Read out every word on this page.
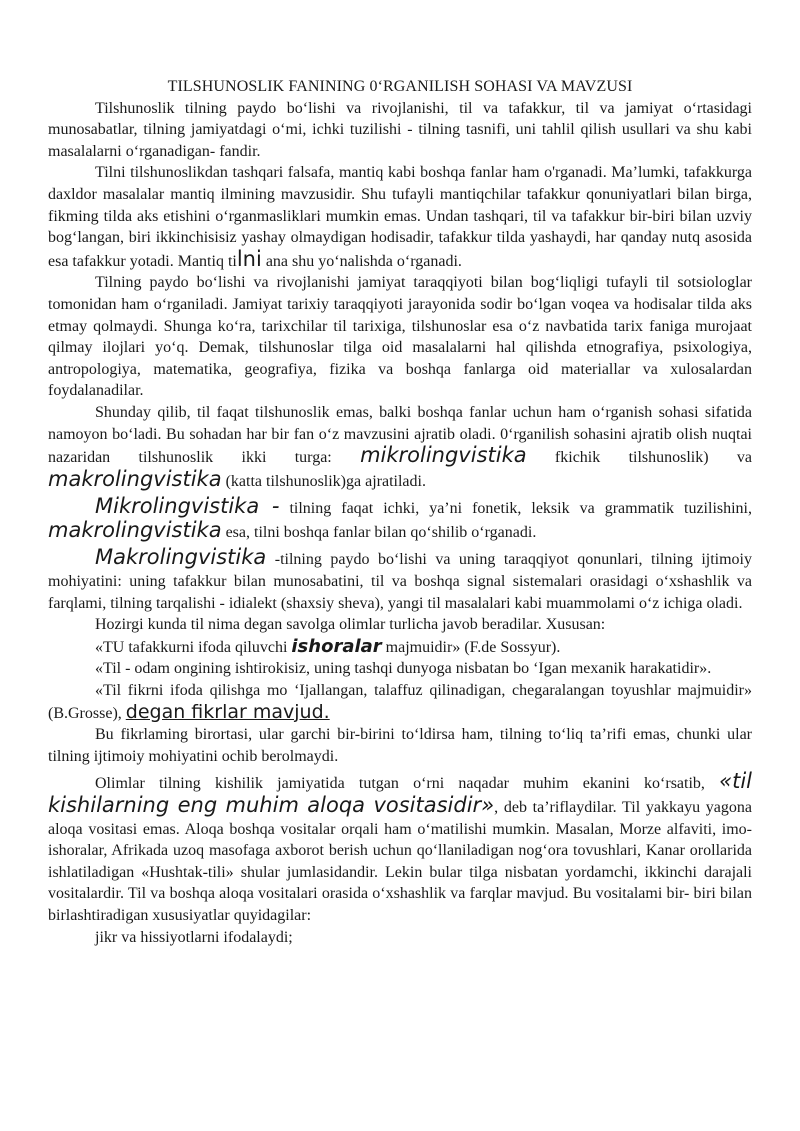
TILSHUNOSLIK FANINING 0‘RGANILISH SOHASI VA MAVZUSI

Tilshunoslik tilning paydo bo‘lishi va rivojlanishi, til va tafakkur, til va jamiyat o‘rtasidagi munosabatlar, tilning jamiyatdagi o‘mi, ichki tuzilishi - tilning tasnifi, uni tahlil qilish usullari va shu kabi masalalarni o‘rganadigan- fandir.

Tilni tilshunoslikdan tashqari falsafa, mantiq kabi boshqa fanlar ham o'rganadi. Ma’lumki, tafakkurga daxldor masalalar mantiq ilmining mavzusidir. Shu tufayli mantiqchilar tafakkur qonuniyatlari bilan birga, fikming tilda aks etishini o‘rganmasliklari mumkin emas. Undan tashqari, til va tafakkur bir-biri bilan uzviy bog‘langan, biri ikkinchisisiz yashay olmaydigan hodisadir, tafakkur tilda yashaydi, har qanday nutq asosida esa tafakkur yotadi. Mantiq tilni ana shu yo‘nalishda o‘rganadi.

Tilning paydo bo‘lishi va rivojlanishi jamiyat taraqqiyoti bilan bog‘liqligi tufayli til sotsiologlar tomonidan ham o‘rganiladi. Jamiyat tarixiy taraqqiyoti jarayonida sodir bo‘lgan voqea va hodisalar tilda aks etmay qolmaydi. Shunga ko‘ra, tarixchilar til tarixiga, tilshunoslar esa o‘z navbatida tarix faniga murojaat qilmay ilojlari yo‘q. Demak, tilshunoslar tilga oid masalalarni hal qilishda etnografiya, psixologiya, antropologiya, matematika, geografiya, fizika va boshqa fanlarga oid materiallar va xulosalardan foydalanadilar.

Shunday qilib, til faqat tilshunoslik emas, balki boshqa fanlar uchun ham o‘rganish sohasi sifatida namoyon bo‘ladi. Bu sohadan har bir fan o‘z mavzusini ajratib oladi. 0‘rganilish sohasini ajratib olish nuqtai nazaridan tilshunoslik ikki turga: mikrolingvistika fkichik tilshunoslik) va makrolingvistika (katta tilshunoslik)ga ajratiladi.

Mikrolingvistika - tilning faqat ichki, ya’ni fonetik, leksik va grammatik tuzilishini, makrolingvistika esa, tilni boshqa fanlar bilan qo‘shilib o‘rganadi.

Makrolingvistika -tilning paydo bo‘lishi va uning taraqqiyot qonunlari, tilning ijtimoiy mohiyatini: uning tafakkur bilan munosabatini, til va boshqa signal sistemalari orasidagi o‘xshashlik va farqlami, tilning tarqalishi - idialekt (shaxsiy sheva), yangi til masalalari kabi muammolami o‘z ichiga oladi.

Hozirgi kunda til nima degan savolga olimlar turlicha javob beradilar. Xususan:

«TU tafakkurni ifoda qiluvchi ishoralar majmuidir» (F.de Sossyur).

«Til - odam ongining ishtirokisiz, uning tashqi dunyoga nisbatan bo ‘Igan mexanik harakatidir».

«Til fikrni ifoda qilishga mo ‘Ijallangan, talaffuz qilinadigan, chegaralangan toyushlar majmuidir» (B.Grosse), degan fikrlar mavjud.

Bu fikrlaming birortasi, ular garchi bir-birini to‘ldirsa ham, tilning to‘liq ta’rifi emas, chunki ular tilning ijtimoiy mohiyatini ochib berolmaydi.

Olimlar tilning kishilik jamiyatida tutgan o‘rni naqadar muhim ekanini ko‘rsatib, «til kishilarning eng muhim aloqa vositasidir», deb ta’riflaydilar. Til yakkayu yagona aloqa vositasi emas. Aloqa boshqa vositalar orqali ham o‘matilishi mumkin. Masalan, Morze alfaviti, imo-ishoralar, Afrikada uzoq masofaga axborot berish uchun qo‘llaniladigan nog‘ora tovushlari, Kanar orollarida ishlatiladigan «Hushtak-tili» shular jumlasidandir. Lekin bular tilga nisbatan yordamchi, ikkinchi darajali vositalardir. Til va boshqa aloqa vositalari orasida o‘xshashlik va farqlar mavjud. Bu vositalami bir- biri bilan birlashtiradigan xususiyatlar quyidagilar:

jikr va hissiyotlarni ifodalaydi;
